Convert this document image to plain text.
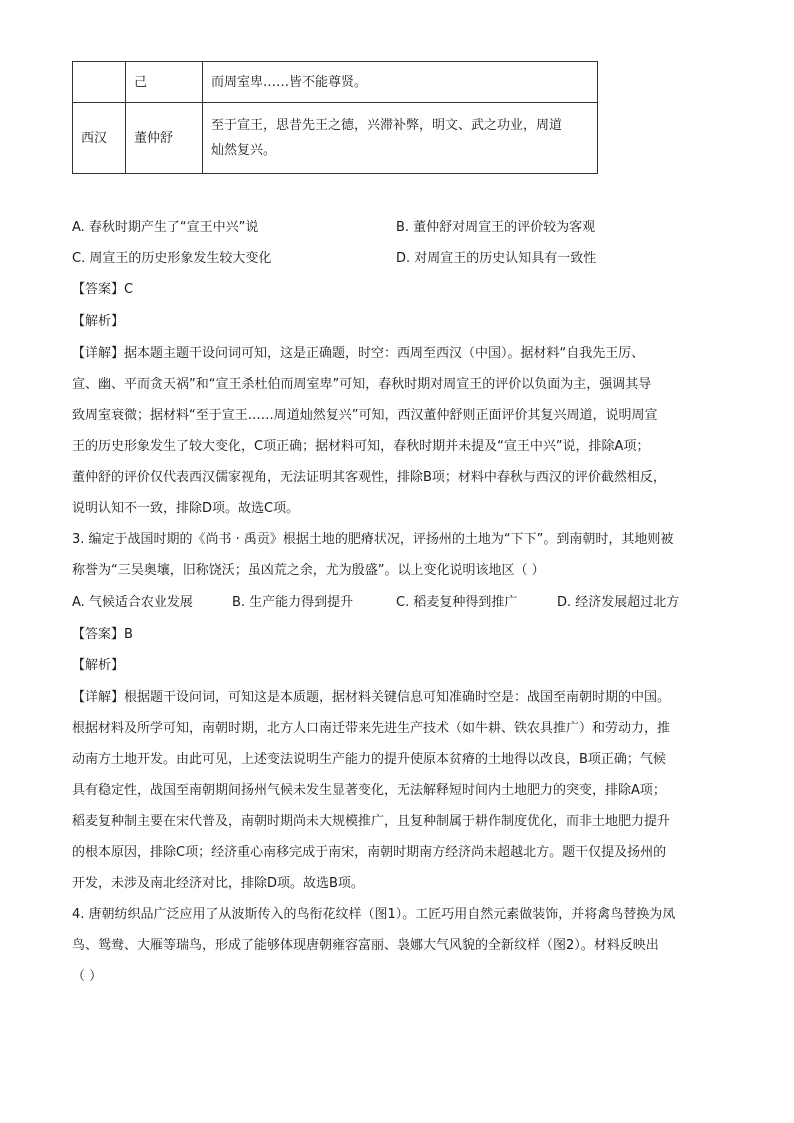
	己	而周室卑……皆不能尊贤。
西汉	董仲舒	至于宣王，思昔先王之德，兴滞补弊，明文、武之功业，周道
灿然复兴。
A. 春秋时期产生了“宣王中兴”说	B. 董仲舒对周宣王的评价较为客观
C. 周宣王的历史形象发生较大变化	D. 对周宣王的历史认知具有一致性
【答案】C
【解析】
【详解】据本题主题干设问词可知，这是正确题，时空：西周至西汉（中国）。据材料“自我先王厉、
宣、幽、平而贪天祸”和“宣王杀杜伯而周室卑”可知，春秋时期对周宣王的评价以负面为主，强调其导
致周室衰微；据材料“至于宣王……周道灿然复兴”可知，西汉董仲舒则正面评价其复兴周道，说明周宣
王的历史形象发生了较大变化，C项正确；据材料可知，春秋时期并未提及“宣王中兴”说，排除A项；
董仲舒的评价仅代表西汉儒家视角，无法证明其客观性，排除B项；材料中春秋与西汉的评价截然相反，
说明认知不一致，排除D项。故选C项。
3. 编定于战国时期的《尚书 · 禹贡》根据土地的肥瘠状况，评扬州的土地为“下下”。到南朝时，其地则被
称誉为“三吴奥壤，旧称饶沃；虽凶荒之余，尤为殷盛”。以上变化说明该地区（ ）
A. 气候适合农业发展	B. 生产能力得到提升	C. 稻麦复种得到推广	D. 经济发展超过北方
【答案】B
【解析】
【详解】根据题干设问词，可知这是本质题，据材料关键信息可知准确时空是：战国至南朝时期的中国。
根据材料及所学可知，南朝时期，北方人口南迁带来先进生产技术（如牛耕、铁农具推广）和劳动力，推
动南方土地开发。由此可见，上述变法说明生产能力的提升使原本贫瘠的土地得以改良，B项正确；气候
具有稳定性，战国至南朝期间扬州气候未发生显著变化，无法解释短时间内土地肥力的突变，排除A项；
稻麦复种制主要在宋代普及，南朝时期尚未大规模推广，且复种制属于耕作制度优化，而非土地肥力提升
的根本原因，排除C项；经济重心南移完成于南宋，南朝时期南方经济尚未超越北方。题干仅提及扬州的
开发，未涉及南北经济对比，排除D项。故选B项。
4. 唐朝纺织品广泛应用了从波斯传入的鸟衔花纹样（图1）。工匠巧用自然元素做装饰，并将禽鸟替换为凤
鸟、鸳鸯、大雁等瑞鸟，形成了能够体现唐朝雍容富丽、袅娜大气风貌的全新纹样（图2）。材料反映出
（ ）
